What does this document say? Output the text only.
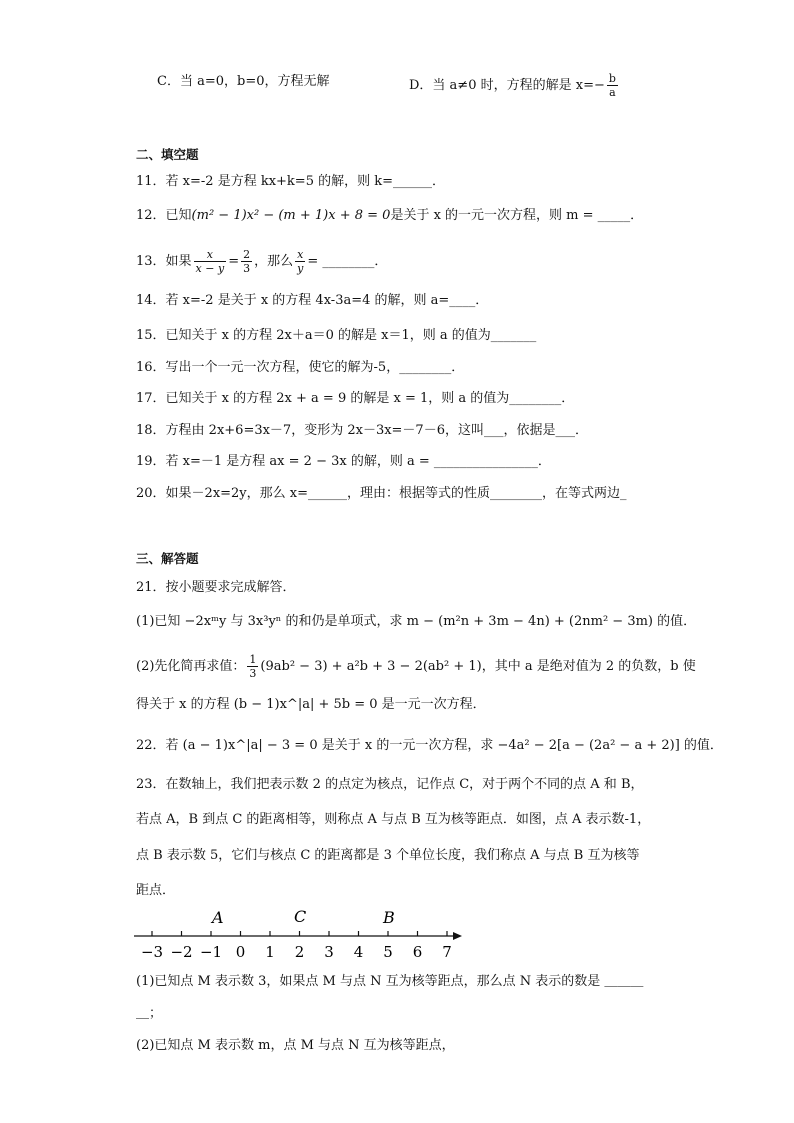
C．当 a=0，b=0，方程无解	D．当 a≠0 时，方程的解是 $x=- \frac{b}{a}$
二、填空题
11．若 x=-2 是方程 kx+k=5 的解，则 k=______．
12．已知(m² − 1)x² − (m + 1)x + 8 = 0是关于 x 的一元一次方程，则 m = _____．
13．如果 $\frac{x}{x - y} = \frac{2}{3}$ ，那么 $\frac{x}{y}$ = ________．
14．若 x=-2 是关于 x 的方程 4x-3a=4 的解，则 a=____．
15．已知关于 x 的方程 2x＋a＝0 的解是 x＝1，则 a 的值为_______
16．写出一个一元一次方程，使它的解为-5，________．
17．已知关于 x 的方程 2x + a = 9 的解是 x = 1，则 a 的值为________．
18．方程由 2x+6=3x－7，变形为 2x－3x=－7－6，这叫___，依据是___．
19．若 x=－1 是方程 ax = 2 − 3x 的解，则 a = ________________．
20．如果－2x=2y，那么 x=______，理由：根据等式的性质________，在等式两边_
三、解答题
21．按小题要求完成解答．
(1)已知 −2xᵐy 与 3x³yⁿ 的和仍是单项式，求 m − (m²n + 3m − 4n) + (2nm² − 3m) 的值．
(2)先化简再求值： $\frac{1}{3} (9ab^2 - 3) + a^2b + 3 - 2(ab^2 + 1)$，其中 a 是绝对值为 2 的负数，b 使
得关于 x 的方程 (b − 1)x^|a| + 5b = 0 是一元一次方程．
22．若 (a − 1)x^|a| − 3 = 0 是关于 x 的一元一次方程，求 −4a² − 2[a − (2a² − a + 2)] 的值．
23．在数轴上，我们把表示数 2 的点定为核点，记作点 C，对于两个不同的点 A 和 B，
若点 A，B 到点 C 的距离相等，则称点 A 与点 B 互为核等距点．如图，点 A 表示数-1，
点 B 表示数 5，它们与核点 C 的距离都是 3 个单位长度，我们称点 A 与点 B 互为核等
距点．
−3 −2 −1 0 1 2 3 4 5 6 7
A	C	B
(1)已知点 M 表示数 3，如果点 M 与点 N 互为核等距点，那么点 N 表示的数是 ＿＿＿
＿；
(2)已知点 M 表示数 m，点 M 与点 N 互为核等距点，
